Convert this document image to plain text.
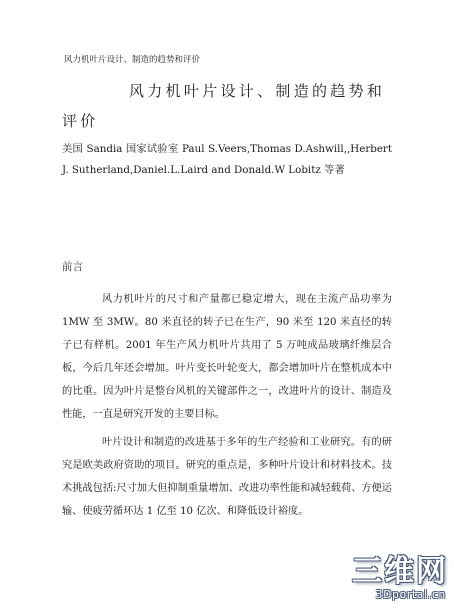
风力机叶片设计、制造的趋势和评价
风力机叶片设计、制造的趋势和评价

美国 Sandia 国家试验室 Paul S.Veers,Thomas D.Ashwill,,Herbert J. Sutherland,Daniel.L.Laird and Donald.W Lobitz 等著

前言

风力机叶片的尺寸和产量都已稳定增大，现在主流产品功率为 1MW 至 3MW。80 米直径的转子已在生产，90 米至 120 米直径的转子已有样机。2001 年生产风力机叶片共用了 5 万吨成品玻璃纤维层合板，今后几年还会增加。叶片变长叶轮变大，都会增加叶片在整机成本中的比重。因为叶片是整台风机的关键部件之一，改进叶片的设计、制造及性能，一直是研究开发的主要目标。

叶片设计和制造的改进基于多年的生产经验和工业研究。有的研究是欧美政府资助的项目。研究的重点是，多种叶片设计和材料技术。技术挑战包括:尺寸加大但抑制重量增加、改进功率性能和减轻载荷、方便运输、使疲劳循环达 1 亿至 10 亿次、和降低设计裕度。

三维网
3Dportal.cn
